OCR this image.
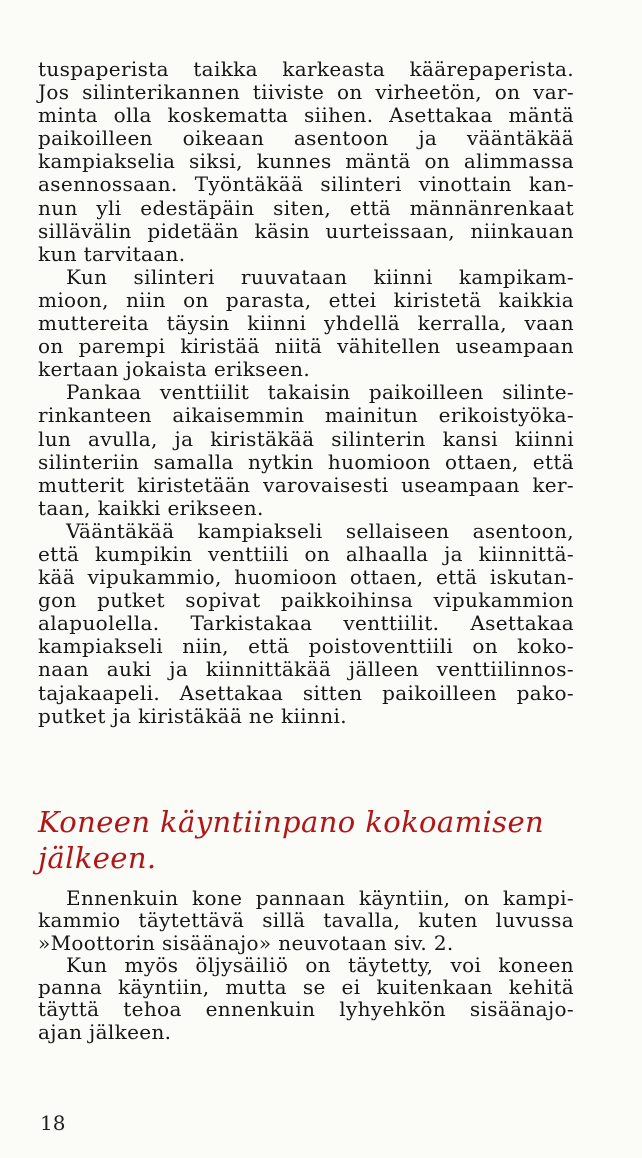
tuspaperista taikka karkeasta käärepaperista.
Jos silinterikannen tiiviste on virheetön, on var-
minta olla koskematta siihen. Asettakaa mäntä
paikoilleen oikeaan asentoon ja vääntäkää
kampiakselia siksi, kunnes mäntä on alimmassa
asennossaan. Työntäkää silinteri vinottain kan-
nun yli edestäpäin siten, että männänrenkaat
sillävälin pidetään käsin uurteissaan, niinkauan
kun tarvitaan.
Kun silinteri ruuvataan kiinni kampikam-
mioon, niin on parasta, ettei kiristetä kaikkia
muttereita täysin kiinni yhdellä kerralla, vaan
on parempi kiristää niitä vähitellen useampaan
kertaan jokaista erikseen.
Pankaa venttiilit takaisin paikoilleen silinte-
rinkanteen aikaisemmin mainitun erikoistyöka-
lun avulla, ja kiristäkää silinterin kansi kiinni
silinteriin samalla nytkin huomioon ottaen, että
mutterit kiristetään varovaisesti useampaan ker-
taan, kaikki erikseen.
Vääntäkää kampiakseli sellaiseen asentoon,
että kumpikin venttiili on alhaalla ja kiinnittä-
kää vipukammio, huomioon ottaen, että iskutan-
gon putket sopivat paikkoihinsa vipukammion
alapuolella. Tarkistakaa venttiilit. Asettakaa
kampiakseli niin, että poistoventtiili on koko-
naan auki ja kiinnittäkää jälleen venttiilinnos-
tajakaapeli. Asettakaa sitten paikoilleen pako-
putket ja kiristäkää ne kiinni.
Koneen käyntiinpano kokoamisen
jälkeen.
Ennenkuin kone pannaan käyntiin, on kampi-
kammio täytettävä sillä tavalla, kuten luvussa
»Moottorin sisäänajo» neuvotaan siv. 2.
Kun myös öljysäiliö on täytetty, voi koneen
panna käyntiin, mutta se ei kuitenkaan kehitä
täyttä tehoa ennenkuin lyhyehkön sisäänajo-
ajan jälkeen.
18
